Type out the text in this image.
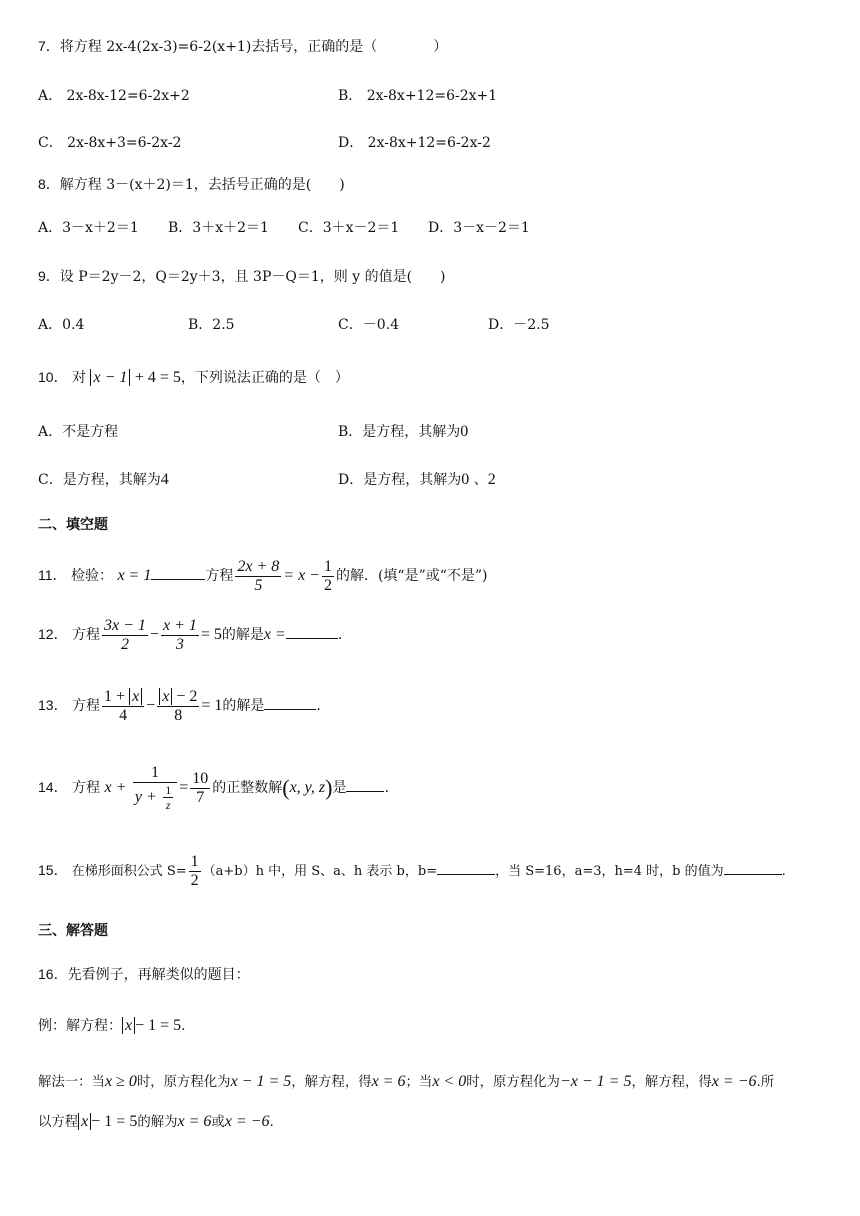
7．将方程 2x-4(2x-3)=6-2(x+1)去括号，正确的是（　　　　）
A． 2x-8x-12=6-2x+2	B． 2x-8x+12=6-2x+1
C． 2x-8x+3=6-2x-2	D． 2x-8x+12=6-2x-2
8．解方程 3－(x＋2)＝1，去括号正确的是(　　)
A．3－x＋2＝1 B．3＋x＋2＝1 C．3＋x－2＝1 D．3－x－2＝1
9．设 P＝2y－2，Q＝2y＋3，且 3P－Q＝1，则 y 的值是(　　)
A．0.4	B．2.5	C．－0.4	D．－2.5
10． 对 x − 1 + 4 = 5，下列说法正确的是（　）
A．不是方程	B．是方程，其解为0
C．是方程，其解为4	D．是方程，其解为0 、2
二、填空题
11． 检验： x = 1	方程 $\frac{2x + 8}{5} = x - \frac{1}{2}$ 的解．(填“是”或“不是”)
12． 方程 $\frac{3x - 1}{2} - \frac{x + 1}{3} = 5$的解是x =	.
13． 方程 $\frac{1 + x}{4} - \frac{x - 2}{8} = 1$的解是	.
14． 方程 $x + \frac{1}{y + \frac{1}{z}} = \frac{10}{7}$ 的正整数解(x, y, z)是	.
15． 在梯形面积公式 $S= \frac{1}{2} (a+b)h$ 中，用 S、a、h 表示 b，b=	，当 S=16，a=3，h=4 时，b 的值为	.
三、解答题
16．先看例子，再解类似的题目：
例：解方程： x − 1 = 5.
解法一：当x ≥ 0时，原方程化为x − 1 = 5，解方程，得x = 6；当x < 0时，原方程化为−x − 1 = 5，解方程，得x = −6.所
以方程 x − 1 = 5的解为x = 6或x = −6.
